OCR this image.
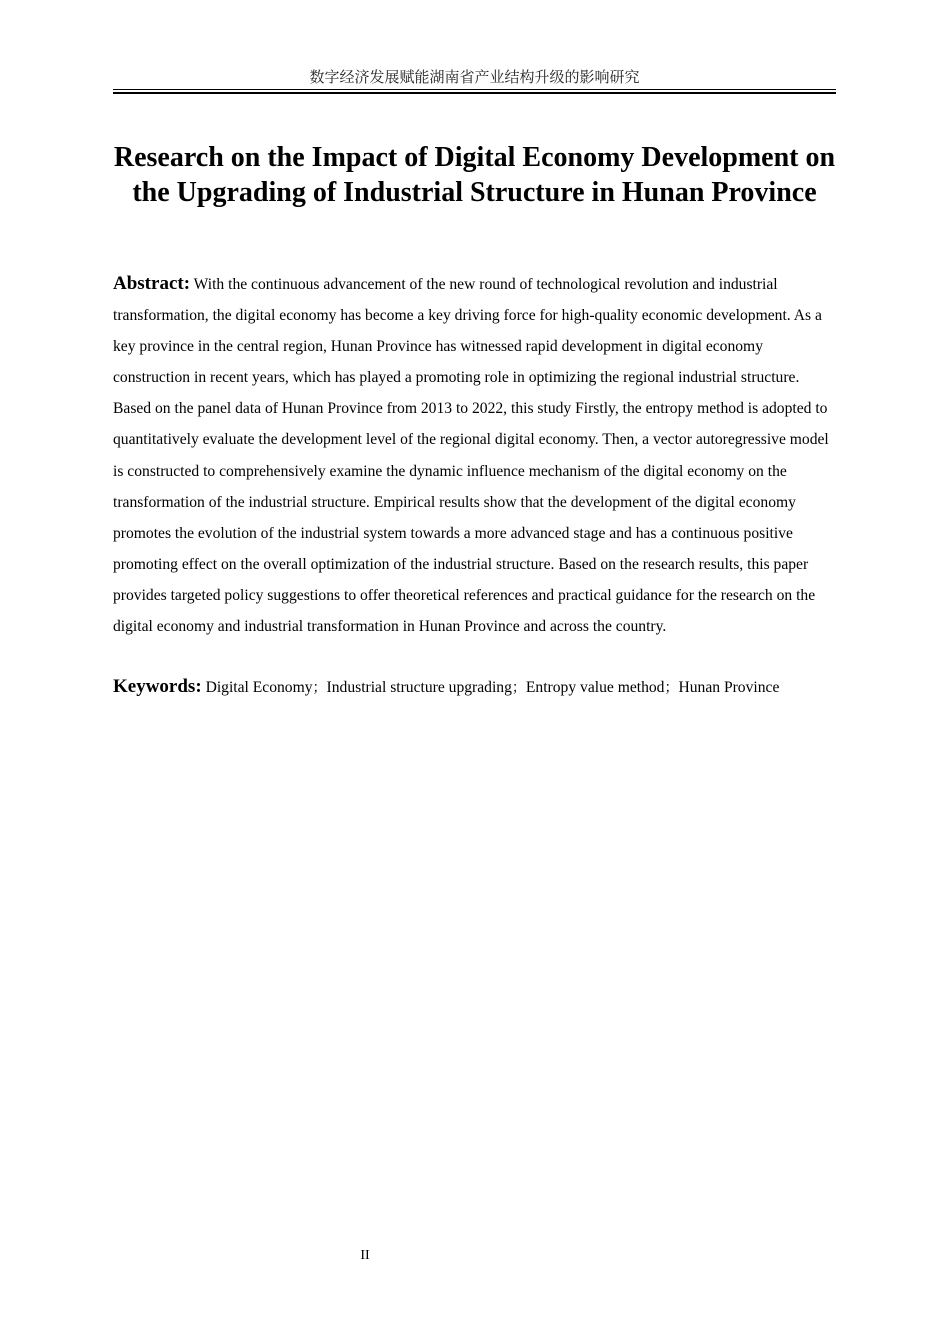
数字经济发展赋能湖南省产业结构升级的影响研究
Research on the Impact of Digital Economy Development on the Upgrading of Industrial Structure in Hunan Province

Abstract: With the continuous advancement of the new round of technological revolution and industrial transformation, the digital economy has become a key driving force for high-quality economic development. As a key province in the central region, Hunan Province has witnessed rapid development in digital economy construction in recent years, which has played a promoting role in optimizing the regional industrial structure. Based on the panel data of Hunan Province from 2013 to 2022, this study Firstly, the entropy method is adopted to quantitatively evaluate the development level of the regional digital economy. Then, a vector autoregressive model is constructed to comprehensively examine the dynamic influence mechanism of the digital economy on the transformation of the industrial structure. Empirical results show that the development of the digital economy promotes the evolution of the industrial system towards a more advanced stage and has a continuous positive promoting effect on the overall optimization of the industrial structure. Based on the research results, this paper provides targeted policy suggestions to offer theoretical references and practical guidance for the research on the digital economy and industrial transformation in Hunan Province and across the country.

Keywords: Digital Economy；Industrial structure upgrading；Entropy value method；Hunan Province

II
